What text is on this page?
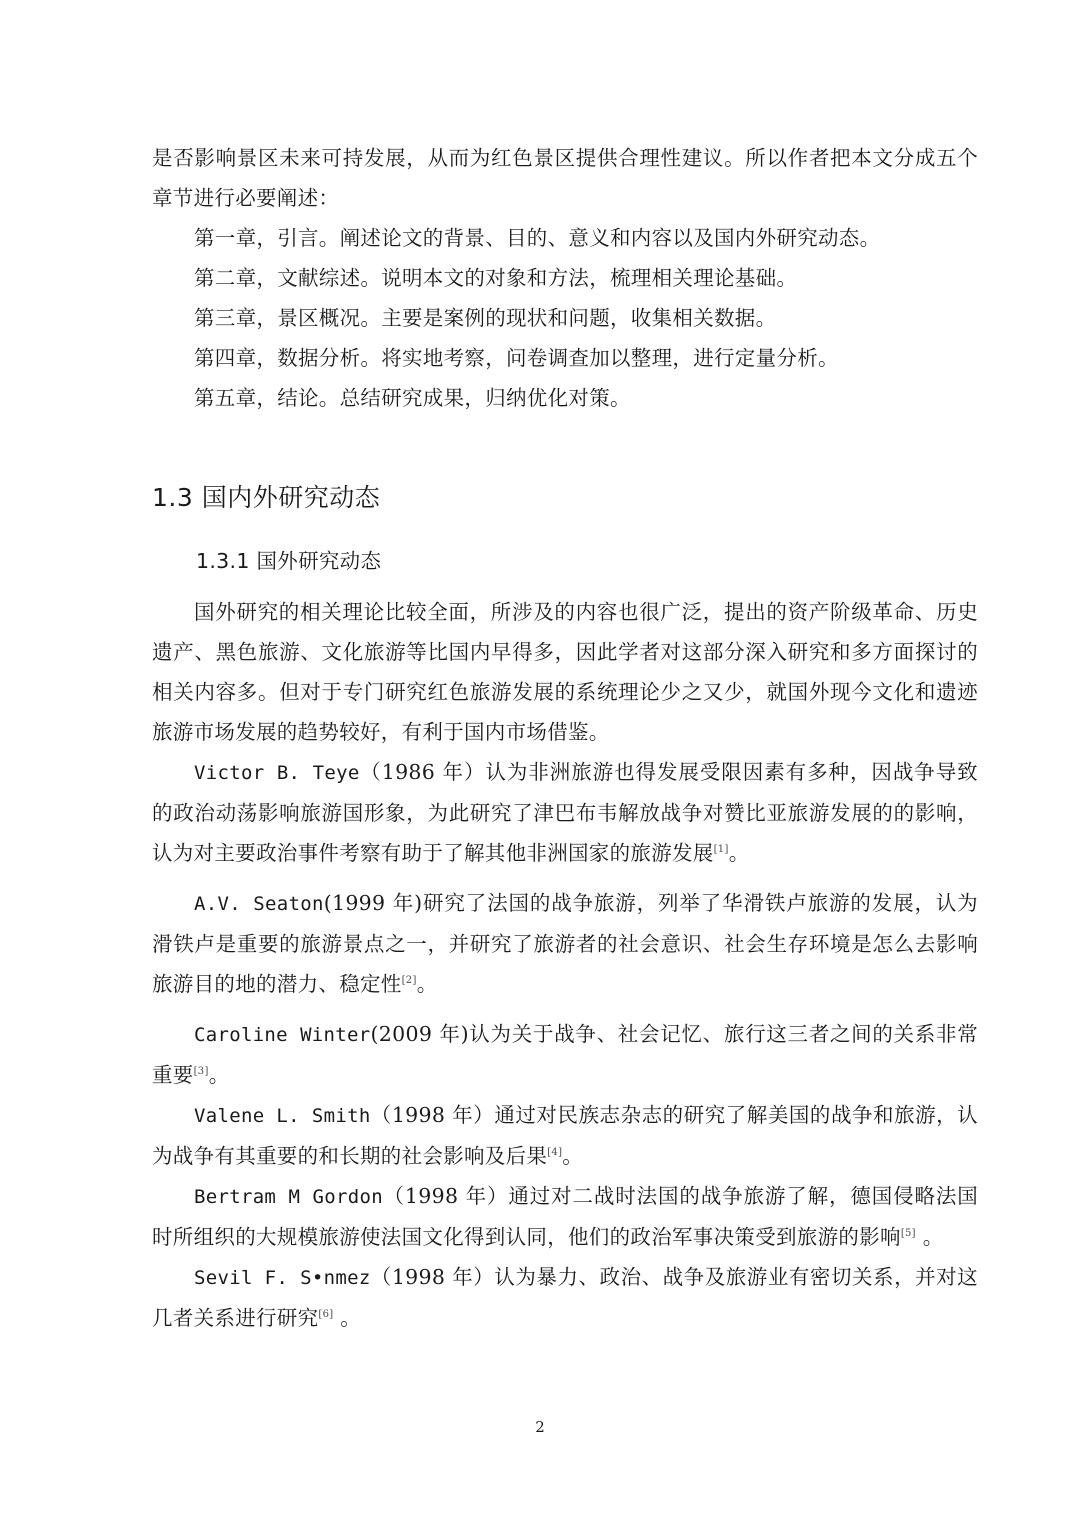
是否影响景区未来可持发展，从而为红色景区提供合理性建议。所以作者把本文分成五个章节进行必要阐述：

第一章，引言。阐述论文的背景、目的、意义和内容以及国内外研究动态。

第二章，文献综述。说明本文的对象和方法，梳理相关理论基础。

第三章，景区概况。主要是案例的现状和问题，收集相关数据。

第四章，数据分析。将实地考察，问卷调查加以整理，进行定量分析。

第五章，结论。总结研究成果，归纳优化对策。

1.3 国内外研究动态
1.3.1 国外研究动态

国外研究的相关理论比较全面，所涉及的内容也很广泛，提出的资产阶级革命、历史遗产、黑色旅游、文化旅游等比国内早得多，因此学者对这部分深入研究和多方面探讨的相关内容多。但对于专门研究红色旅游发展的系统理论少之又少，就国外现今文化和遗迹旅游市场发展的趋势较好，有利于国内市场借鉴。

Victor B. Teye（1986 年）认为非洲旅游也得发展受限因素有多种，因战争导致的政治动荡影响旅游国形象，为此研究了津巴布韦解放战争对赞比亚旅游发展的的影响，认为对主要政治事件考察有助于了解其他非洲国家的旅游发展[1]。

A.V. Seaton(1999 年)研究了法国的战争旅游，列举了华滑铁卢旅游的发展，认为滑铁卢是重要的旅游景点之一，并研究了旅游者的社会意识、社会生存环境是怎么去影响旅游目的地的潜力、稳定性[2]。

Caroline Winter(2009 年)认为关于战争、社会记忆、旅行这三者之间的关系非常重要[3]。

Valene L. Smith（1998 年）通过对民族志杂志的研究了解美国的战争和旅游，认为战争有其重要的和长期的社会影响及后果[4]。

Bertram M Gordon（1998 年）通过对二战时法国的战争旅游了解，德国侵略法国时所组织的大规模旅游使法国文化得到认同，他们的政治军事决策受到旅游的影响[5] 。

Sevil F. S•nmez（1998 年）认为暴力、政治、战争及旅游业有密切关系，并对这几者关系进行研究[6] 。

2
